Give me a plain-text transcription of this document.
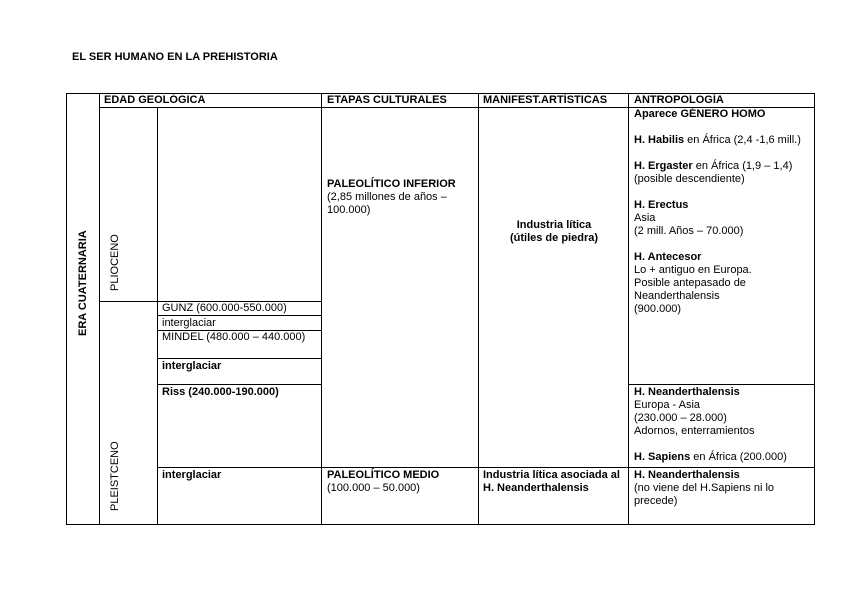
EL SER HUMANO EN LA PREHISTORIA
EDAD GEOLÓGICA	ETAPAS CULTURALES	MANIFEST.ARTÍSTICAS ANTROPOLOGÍA
ERA CUATERNARIA PLIOCENO
PLEISTCENO
GUNZ (600.000-550.000)
interglaciar
MINDEL (480.000 – 440.000)
interglaciar
Riss (240.000-190.000)
interglaciar
PALEOLÍTICO INFERIOR
(2,85 millones de años – 100.000)
PALEOLÍTICO MEDIO
(100.000 – 50.000)
Industria lítica
(útiles de piedra)
Industria lítica asociada al H. Neanderthalensis
Aparece GÉNERO HOMO
H. Habilis en África (2,4 -1,6 mill.)
H. Ergaster en África (1,9 – 1,4) (posible descendiente)
H. Erectus
Asia
(2 mill. Años – 70.000)
H. Antecesor
Lo + antiguo en Europa.
Posible antepasado de Neanderthalensis
(900.000)
H. Neanderthalensis
Europa - Asia
(230.000 – 28.000)
Adornos, enterramientos
H. Sapiens en África (200.000)
H. Neanderthalensis
(no viene del H.Sapiens ni lo precede)
